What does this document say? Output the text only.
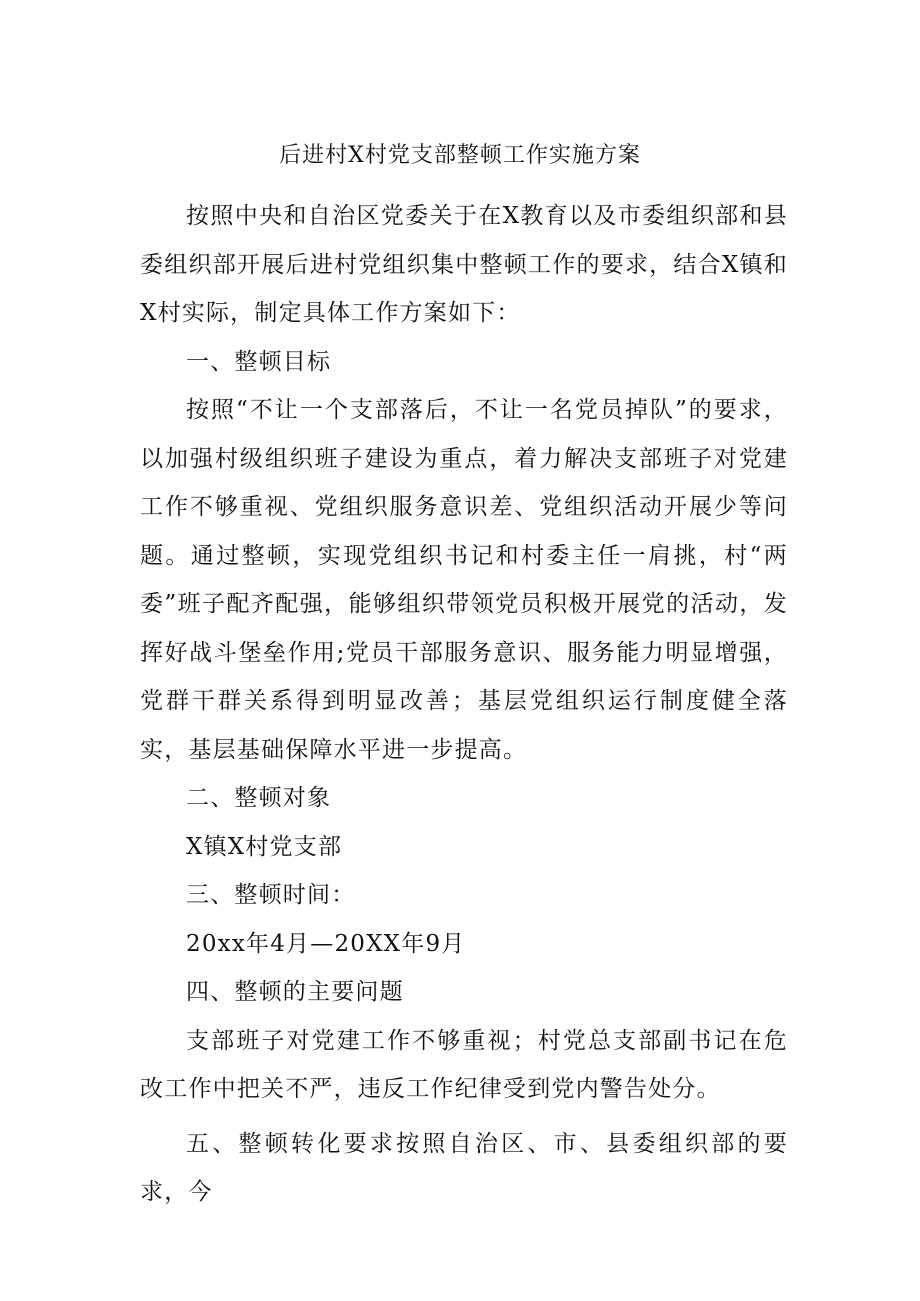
后进村X村党支部整顿工作实施方案

按照中央和自治区党委关于在X教育以及市委组织部和县委组织部开展后进村党组织集中整顿工作的要求，结合X镇和X村实际，制定具体工作方案如下：

一、整顿目标

按照“不让一个支部落后，不让一名党员掉队”的要求，以加强村级组织班子建设为重点，着力解决支部班子对党建工作不够重视、党组织服务意识差、党组织活动开展少等问题。通过整顿，实现党组织书记和村委主任一肩挑，村“两委”班子配齐配强，能够组织带领党员积极开展党的活动，发挥好战斗堡垒作用;党员干部服务意识、服务能力明显增强，党群干群关系得到明显改善；基层党组织运行制度健全落实，基层基础保障水平进一步提高。

二、整顿对象

X镇X村党支部

三、整顿时间：

20xx年4月—20XX年9月

四、整顿的主要问题

支部班子对党建工作不够重视；村党总支部副书记在危改工作中把关不严，违反工作纪律受到党内警告处分。

五、整顿转化要求按照自治区、市、县委组织部的要求，今
